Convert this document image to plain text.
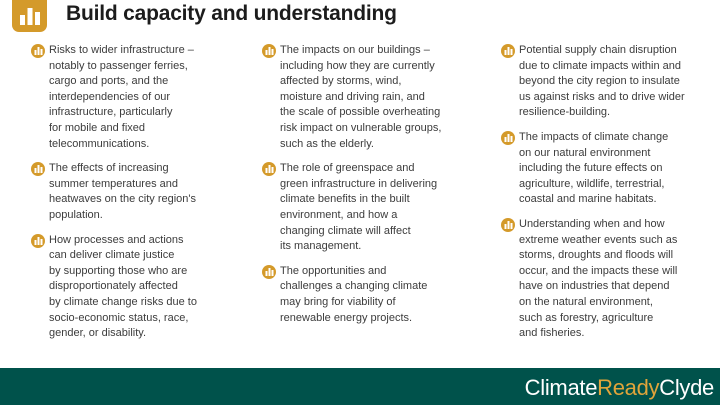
Build capacity and understanding
Risks to wider infrastructure –
notably to passenger ferries,
cargo and ports, and the
interdependencies of our
infrastructure, particularly
for mobile and fixed
telecommunications.
The effects of increasing
summer temperatures and
heatwaves on the city region's
population.
How processes and actions
can deliver climate justice
by supporting those who are
disproportionately affected
by climate change risks due to
socio-economic status, race,
gender, or disability.
The impacts on our buildings –
including how they are currently
affected by storms, wind,
moisture and driving rain, and
the scale of possible overheating
risk impact on vulnerable groups,
such as the elderly.
The role of greenspace and
green infrastructure in delivering
climate benefits in the built
environment, and how a
changing climate will affect
its management.
The opportunities and
challenges a changing climate
may bring for viability of
renewable energy projects.
Potential supply chain disruption
due to climate impacts within and
beyond the city region to insulate
us against risks and to drive wider
resilience-building.
The impacts of climate change
on our natural environment
including the future effects on
agriculture, wildlife, terrestrial,
coastal and marine habitats.
Understanding when and how
extreme weather events such as
storms, droughts and floods will
occur, and the impacts these will
have on industries that depend
on the natural environment,
such as forestry, agriculture
and fisheries.
ClimateReadyClyde
